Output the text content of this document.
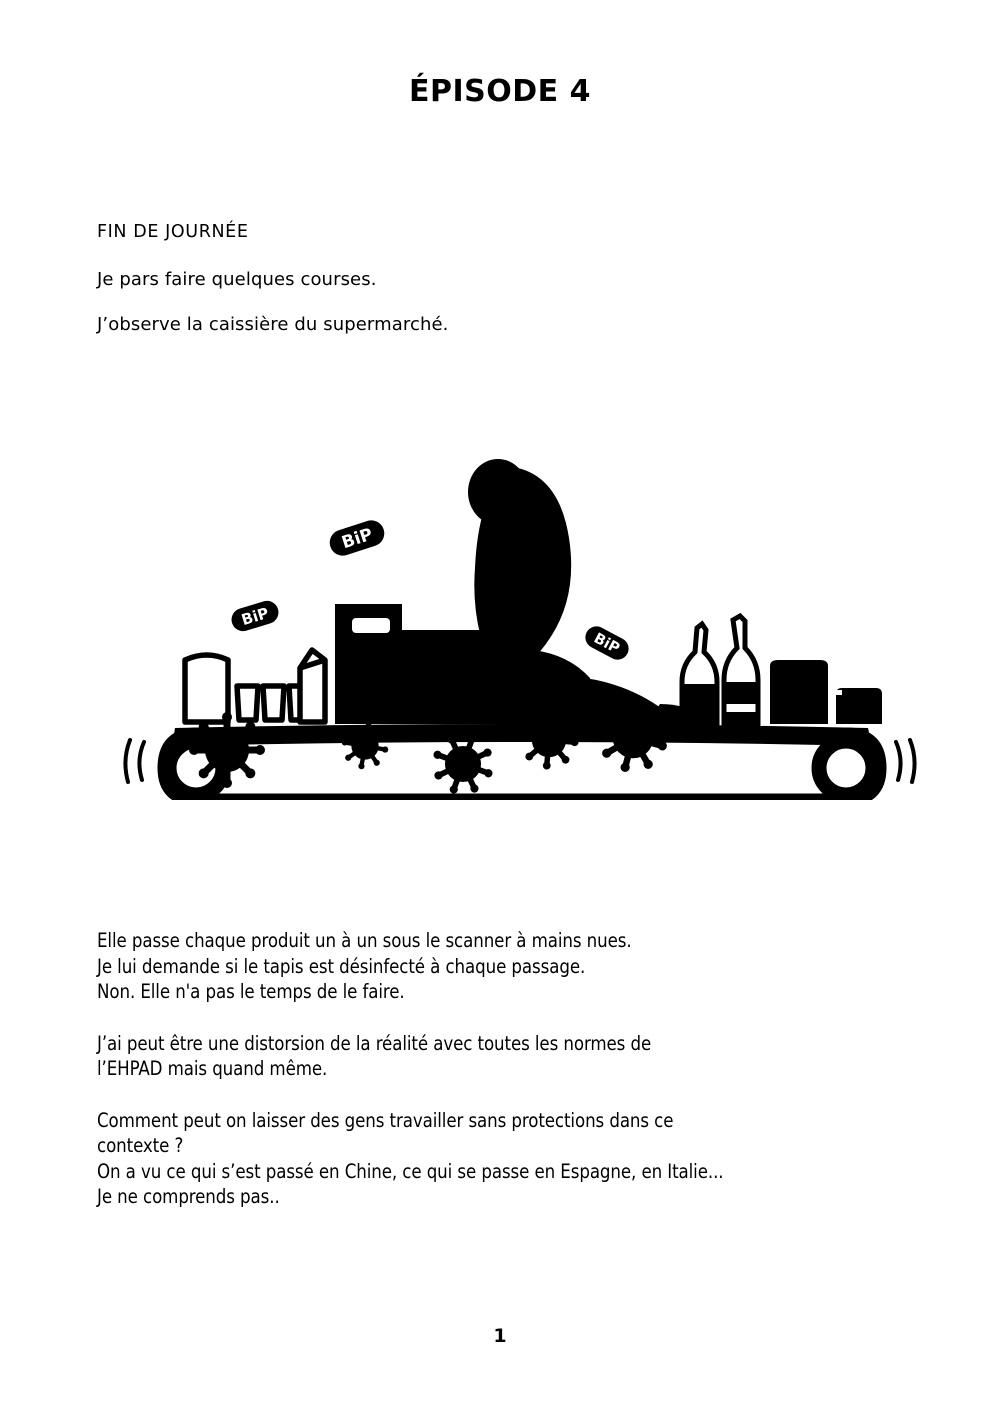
ÉPISODE 4
FIN DE JOURNÉE
Je pars faire quelques courses.
J’observe la caissière du supermarché.
BiP
BiP
BiP

Elle passe chaque produit un à un sous le scanner à mains nues.
Je lui demande si le tapis est désinfecté à chaque passage.
Non. Elle n'a pas le temps de le faire.

J’ai peut être une distorsion de la réalité avec toutes les normes de
l’EHPAD mais quand même.

Comment peut on laisser des gens travailler sans protections dans ce
contexte ?
On a vu ce qui s’est passé en Chine, ce qui se passe en Espagne, en Italie...
Je ne comprends pas..

1
